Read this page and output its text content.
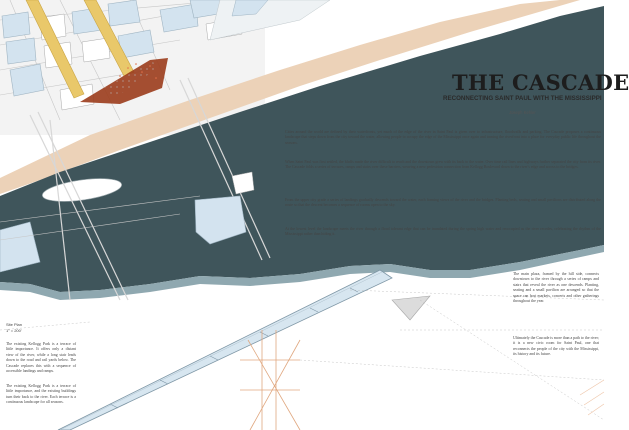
THE CASCADE
RECONNECTING SAINT PAUL WITH THE MISSISSIPPI
Joseph Kehler

Cities around the world are defined by their waterfronts, yet much of the edge of the river in Saint Paul is given over to infrastructure, floodwalls and parking. The Cascade proposes a continuous landscape that steps down from the city toward the water, allowing people to occupy the edge of the Mississippi once again and turning the riverfront into a place for everyday public life throughout the seasons.

When Saint Paul was first settled, the bluffs made the river difficult to reach and the downtown grew with its back to the water. Over time rail lines and highways further separated the city from its river. The Cascade folds a series of terraces, ramps and stairs over these barriers, weaving a new pedestrian connection from Kellogg Boulevard down to the river's edge and across to the bridges.

From the upper city grade a series of landings gradually descends toward the water, each framing views of the river and the bridges. Planting beds, seating and small pavilions are distributed along the route so that the descent becomes a sequence of rooms open to the sky.

At the lowest level the landscape meets the river through a flood tolerant edge that can be inundated during the spring high water and reoccupied as the river recedes, celebrating the rhythm of the Mississippi rather than hiding it.

Site Plan
1" = 200'

The existing Kellogg Park is a terrace of little importance. It offers only a distant view of the river, while a long stair leads down to the road and rail yards below. The Cascade replaces this with a sequence of accessible landings and ramps.

The existing Kellogg Park is a terrace of little importance, and the existing buildings turn their back to the river. Each terrace is a continuous landscape for all seasons.

The main plaza, framed by the hill side, connects downtown to the river through a series of ramps and stairs that reveal the river as one descends. Planting, seating and a small pavilion are arranged so that the space can host markets, concerts and other gatherings throughout the year.

Ultimately the Cascade is more than a path to the river; it is a new civic room for Saint Paul, one that reconnects the people of the city with the Mississippi, its history and its future.
